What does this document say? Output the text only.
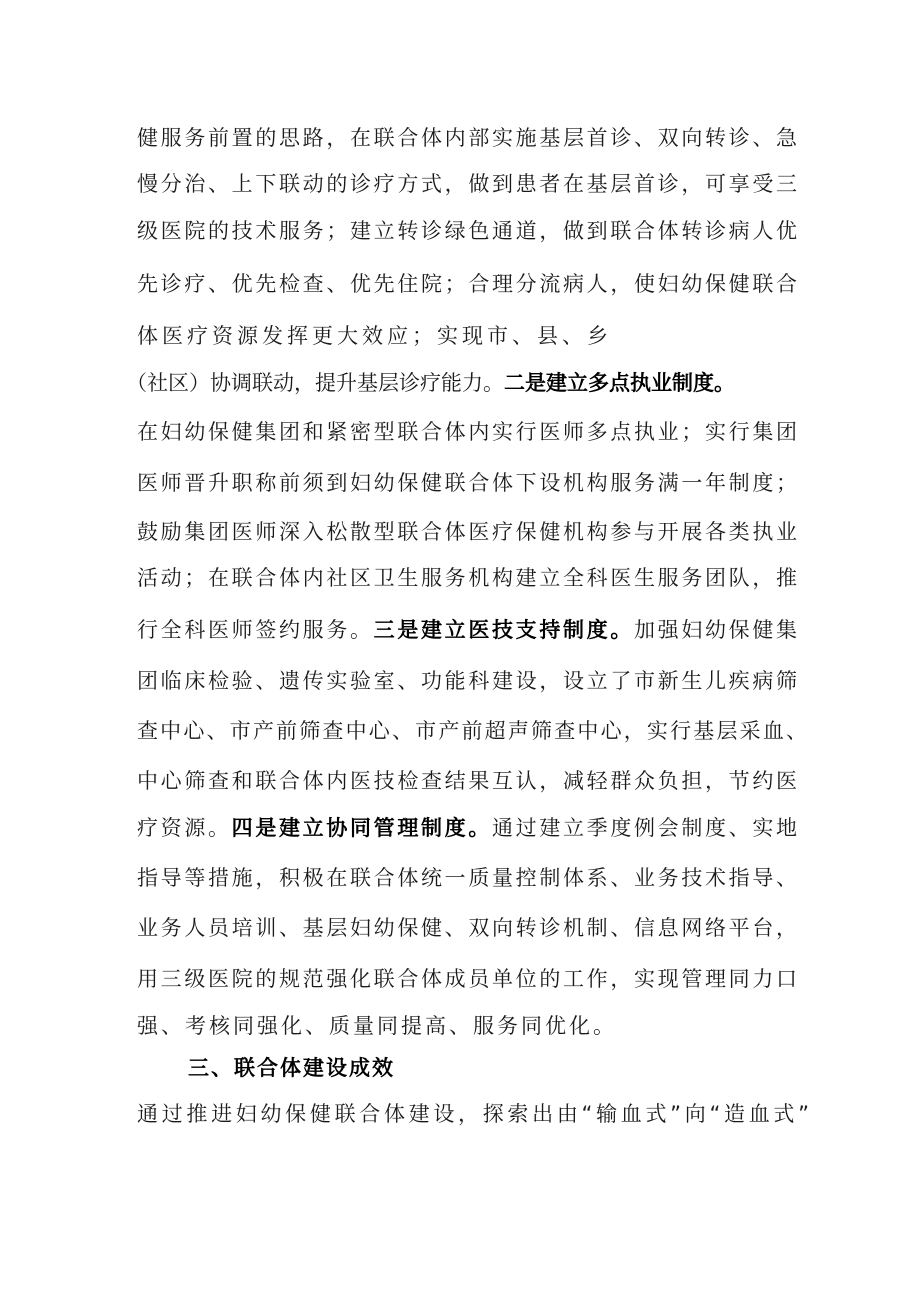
健服务前置的思路，在联合体内部实施基层首诊、双向转诊、急
慢分治、上下联动的诊疗方式，做到患者在基层首诊，可享受三
级医院的技术服务；建立转诊绿色通道，做到联合体转诊病人优
先诊疗、优先检查、优先住院；合理分流病人，使妇幼保健联合
体医疗资源发挥更大效应；实现市、县、乡
（社区）协调联动，提升基层诊疗能力。二是建立多点执业制度。
在妇幼保健集团和紧密型联合体内实行医师多点执业；实行集团
医师晋升职称前须到妇幼保健联合体下设机构服务满一年制度；
鼓励集团医师深入松散型联合体医疗保健机构参与开展各类执业
活动；在联合体内社区卫生服务机构建立全科医生服务团队，推
行全科医师签约服务。三是建立医技支持制度。加强妇幼保健集
团临床检验、遗传实验室、功能科建设，设立了市新生儿疾病筛
查中心、市产前筛查中心、市产前超声筛查中心，实行基层采血、
中心筛查和联合体内医技检查结果互认，减轻群众负担，节约医
疗资源。四是建立协同管理制度。通过建立季度例会制度、实地
指导等措施，积极在联合体统一质量控制体系、业务技术指导、
业务人员培训、基层妇幼保健、双向转诊机制、信息网络平台，
用三级医院的规范强化联合体成员单位的工作，实现管理同力口
强、考核同强化、质量同提高、服务同优化。
三、联合体建设成效
通过推进妇幼保健联合体建设，探索出由“输血式”向“造血式”
